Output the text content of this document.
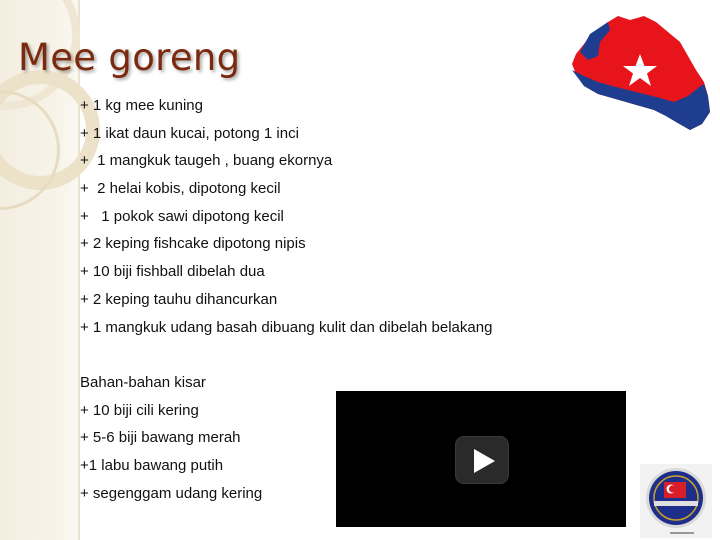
Mee goreng
+ 1 kg mee kuning
+ 1 ikat daun kucai, potong 1 inci
+  1 mangkuk taugeh , buang ekornya
+  2 helai kobis, dipotong kecil
+   1 pokok sawi dipotong kecil
+ 2 keping fishcake dipotong nipis
+ 10 biji fishball dibelah dua
+ 2 keping tauhu dihancurkan
+ 1 mangkuk udang basah dibuang kulit dan dibelah belakang
Bahan-bahan kisar
+ 10 biji cili kering
+ 5-6 biji bawang merah
+1 labu bawang putih
+ segenggam udang kering
